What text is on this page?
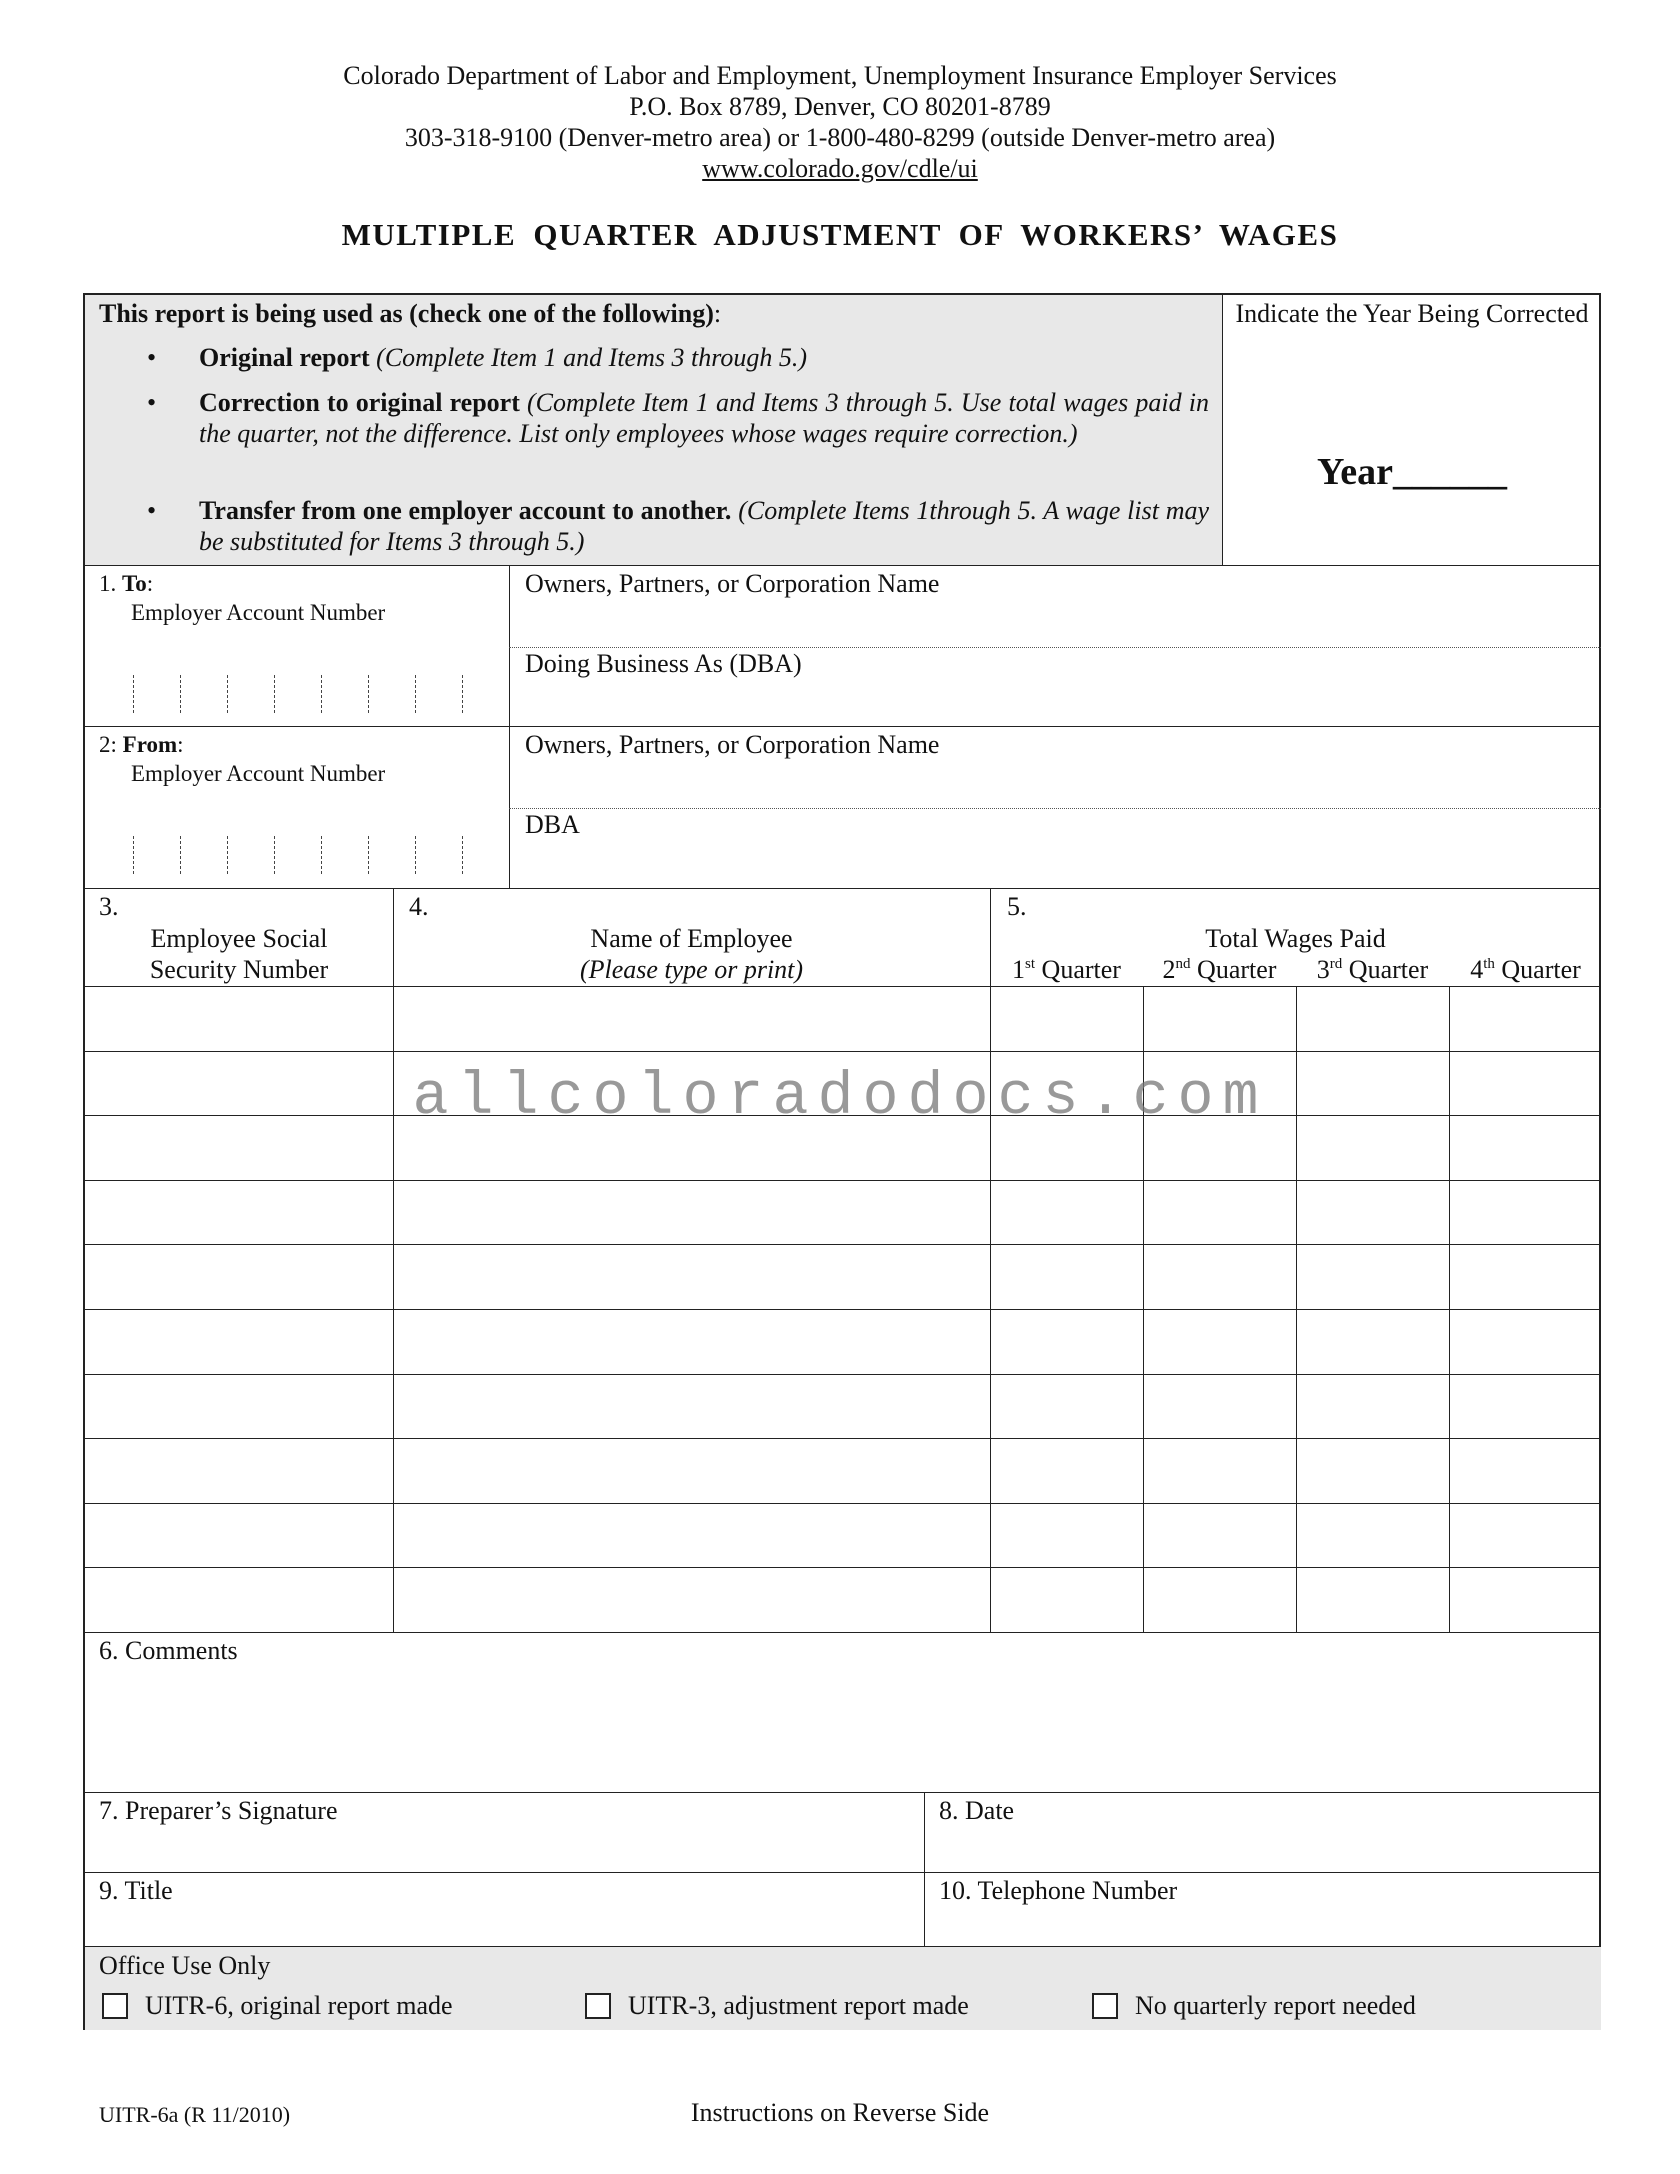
Colorado Department of Labor and Employment, Unemployment Insurance Employer Services
P.O. Box 8789, Denver, CO 80201-8789
303-318-9100 (Denver-metro area) or 1-800-480-8299 (outside Denver-metro area)
www.colorado.gov/cdle/ui
MULTIPLE QUARTER ADJUSTMENT OF WORKERS’ WAGES
This report is being used as (check one of the following):
• Original report (Complete Item 1 and Items 3 through 5.)
• Correction to original report (Complete Item 1 and Items 3 through 5. Use total wages paid in the quarter, not the difference. List only employees whose wages require correction.)
• Transfer from one employer account to another. (Complete Items 1through 5. A wage list may be substituted for Items 3 through 5.)
Indicate the Year Being Corrected
Year______
1. To:
Employer Account Number
Owners, Partners, or Corporation Name
Doing Business As (DBA)
2: From:
Employer Account Number
Owners, Partners, or Corporation Name
DBA
3.
Employee Social
Security Number
4.
Name of Employee
(Please type or print)
5.
Total Wages Paid
1st Quarter	2nd Quarter	3rd Quarter	4th Quarter
6. Comments
7. Preparer’s Signature	8. Date
9. Title	10. Telephone Number
Office Use Only
UITR-6, original report made	UITR-3, adjustment report made	No quarterly report needed
allcoloradodocs.com
UITR-6a (R 11/2010)	Instructions on Reverse Side
